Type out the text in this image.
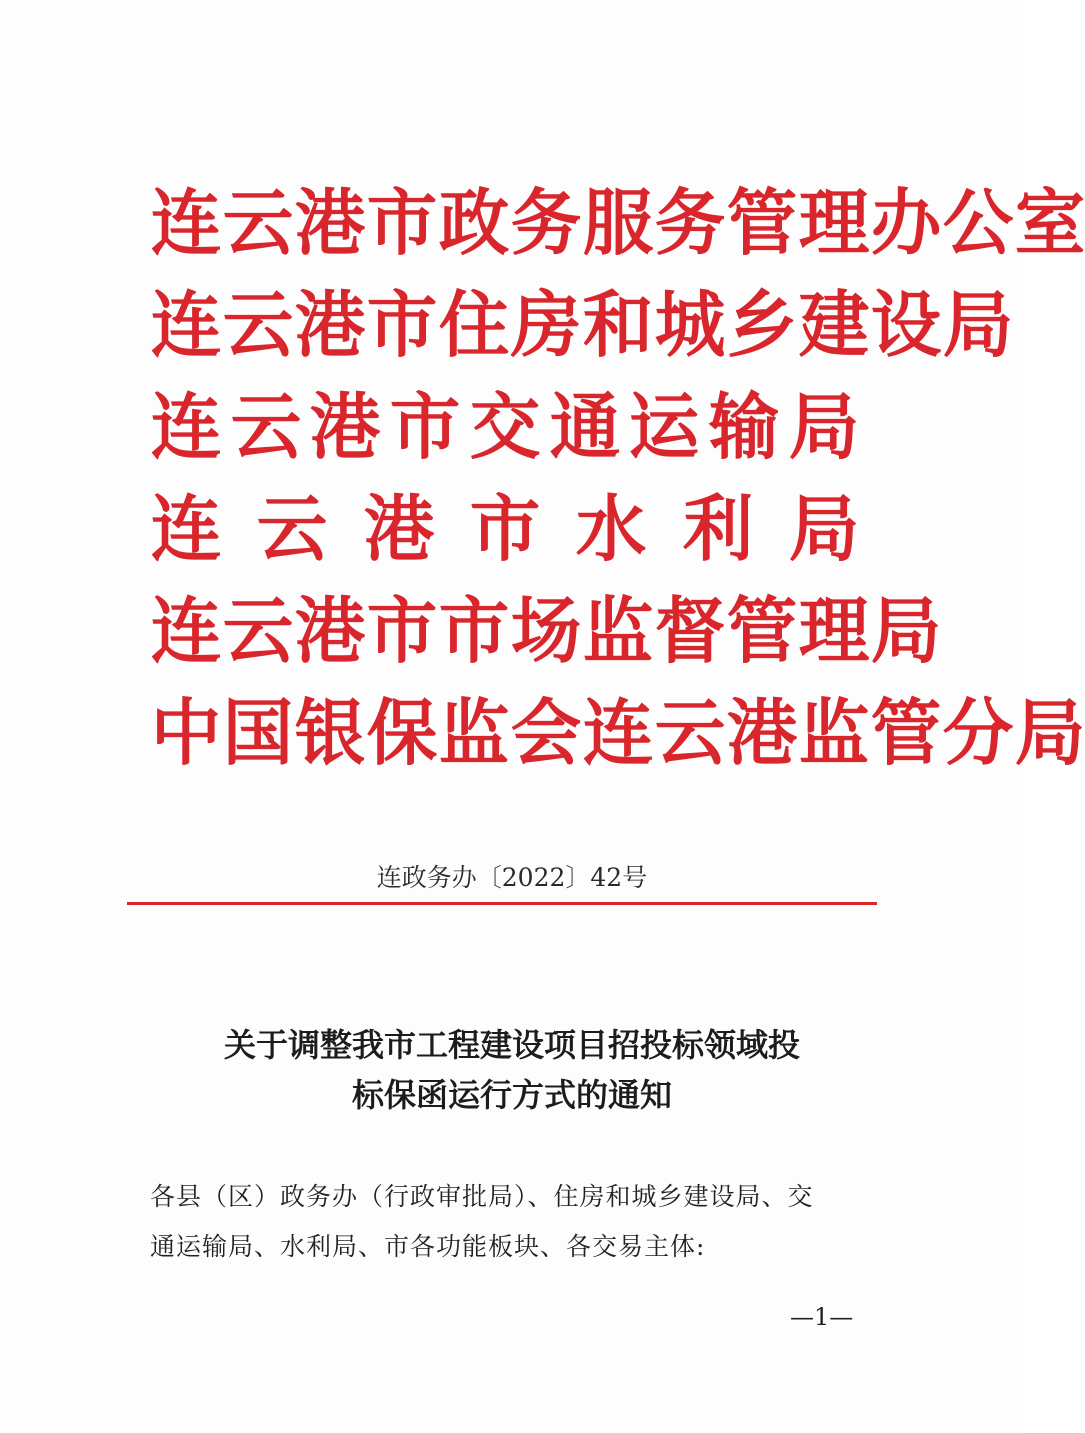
连 云 港 市 政 务 服 务 管 理 办 公 室
连 云 港 市 住 房 和 城 乡 建 设 局
连 云 港 市 交 通 运 输 局
连 云 港 市 水 利 局
连 云 港 市 市 场 监 督 管 理 局
中 国 银 保 监 会 连 云 港 监 管 分 局
连政务办〔2022〕42号
关于调整我市工程建设项目招投标领域投
标保函运行方式的通知
各县（区）政务办（行政审批局）、住房和城乡建设局、交
通运输局、水利局、市各功能板块、各交易主体:
—1—
